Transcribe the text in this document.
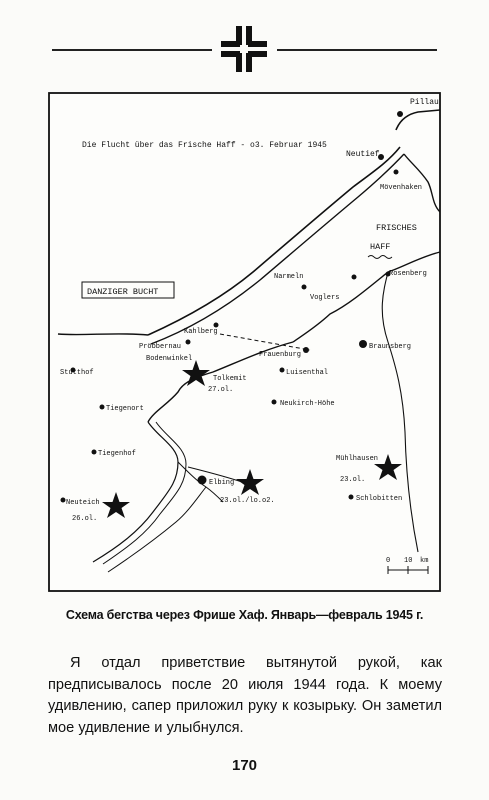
Die Flucht über das Frische Haff - o3. Februar 1945
Pillau
Neutief
Mövenhaken
FRISCHES
HAFF
Narmeln
Voglers
Rosenberg
DANZIGER BUCHT
Kahlberg
Pröbbernau
Bodenwinkel	Frauenburg
Braunsberg
Stutthof
Tolkemit
27.ol.
Luisenthal
Neukirch-Höhe
Tiegenort
Tiegenhof
Elbing
23.ol./lo.o2.
Mühlhausen
23.ol.
Neuteich
26.ol.
Schlobitten
0 10 km
Схема бегства через Фрише Хаф. Январь—февраль 1945 г.
Я отдал приветствие вытянутой рукой, как предписывалось после 20 июля 1944 года. К моему удивлению, сапер приложил руку к козырьку. Он заметил мое удивление и улыбнулся.
170
